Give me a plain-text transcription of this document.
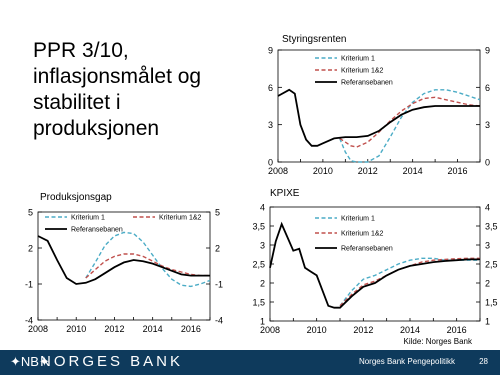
PPR 3/10,
inflasjonsmålet og
stabilitet i
produksjonen
Styringsrenten
0	0
3	3
6	6
9	9
2008	2010	2012	2014	2016
Kriterium 1
Kriterium 1&2
Referansebanen
Produksjonsgap
-4	-4
-1	-1
2	2
5	5
2008 2010 2012 2014 2016
Kriterium 1	Kriterium 1&2
Referansebanen
KPIXE
1	1
1,5	1,5
2	2
2,5	2,5
3	3
3,5	3,5
4	4
2008	2010	2012	2014	2016
Kriterium 1
Kriterium 1&2
Referansebanen
Kilde: Norges Bank
✦NB✦
NORGES BANK	Norges Bank Pengepolitikk	28
